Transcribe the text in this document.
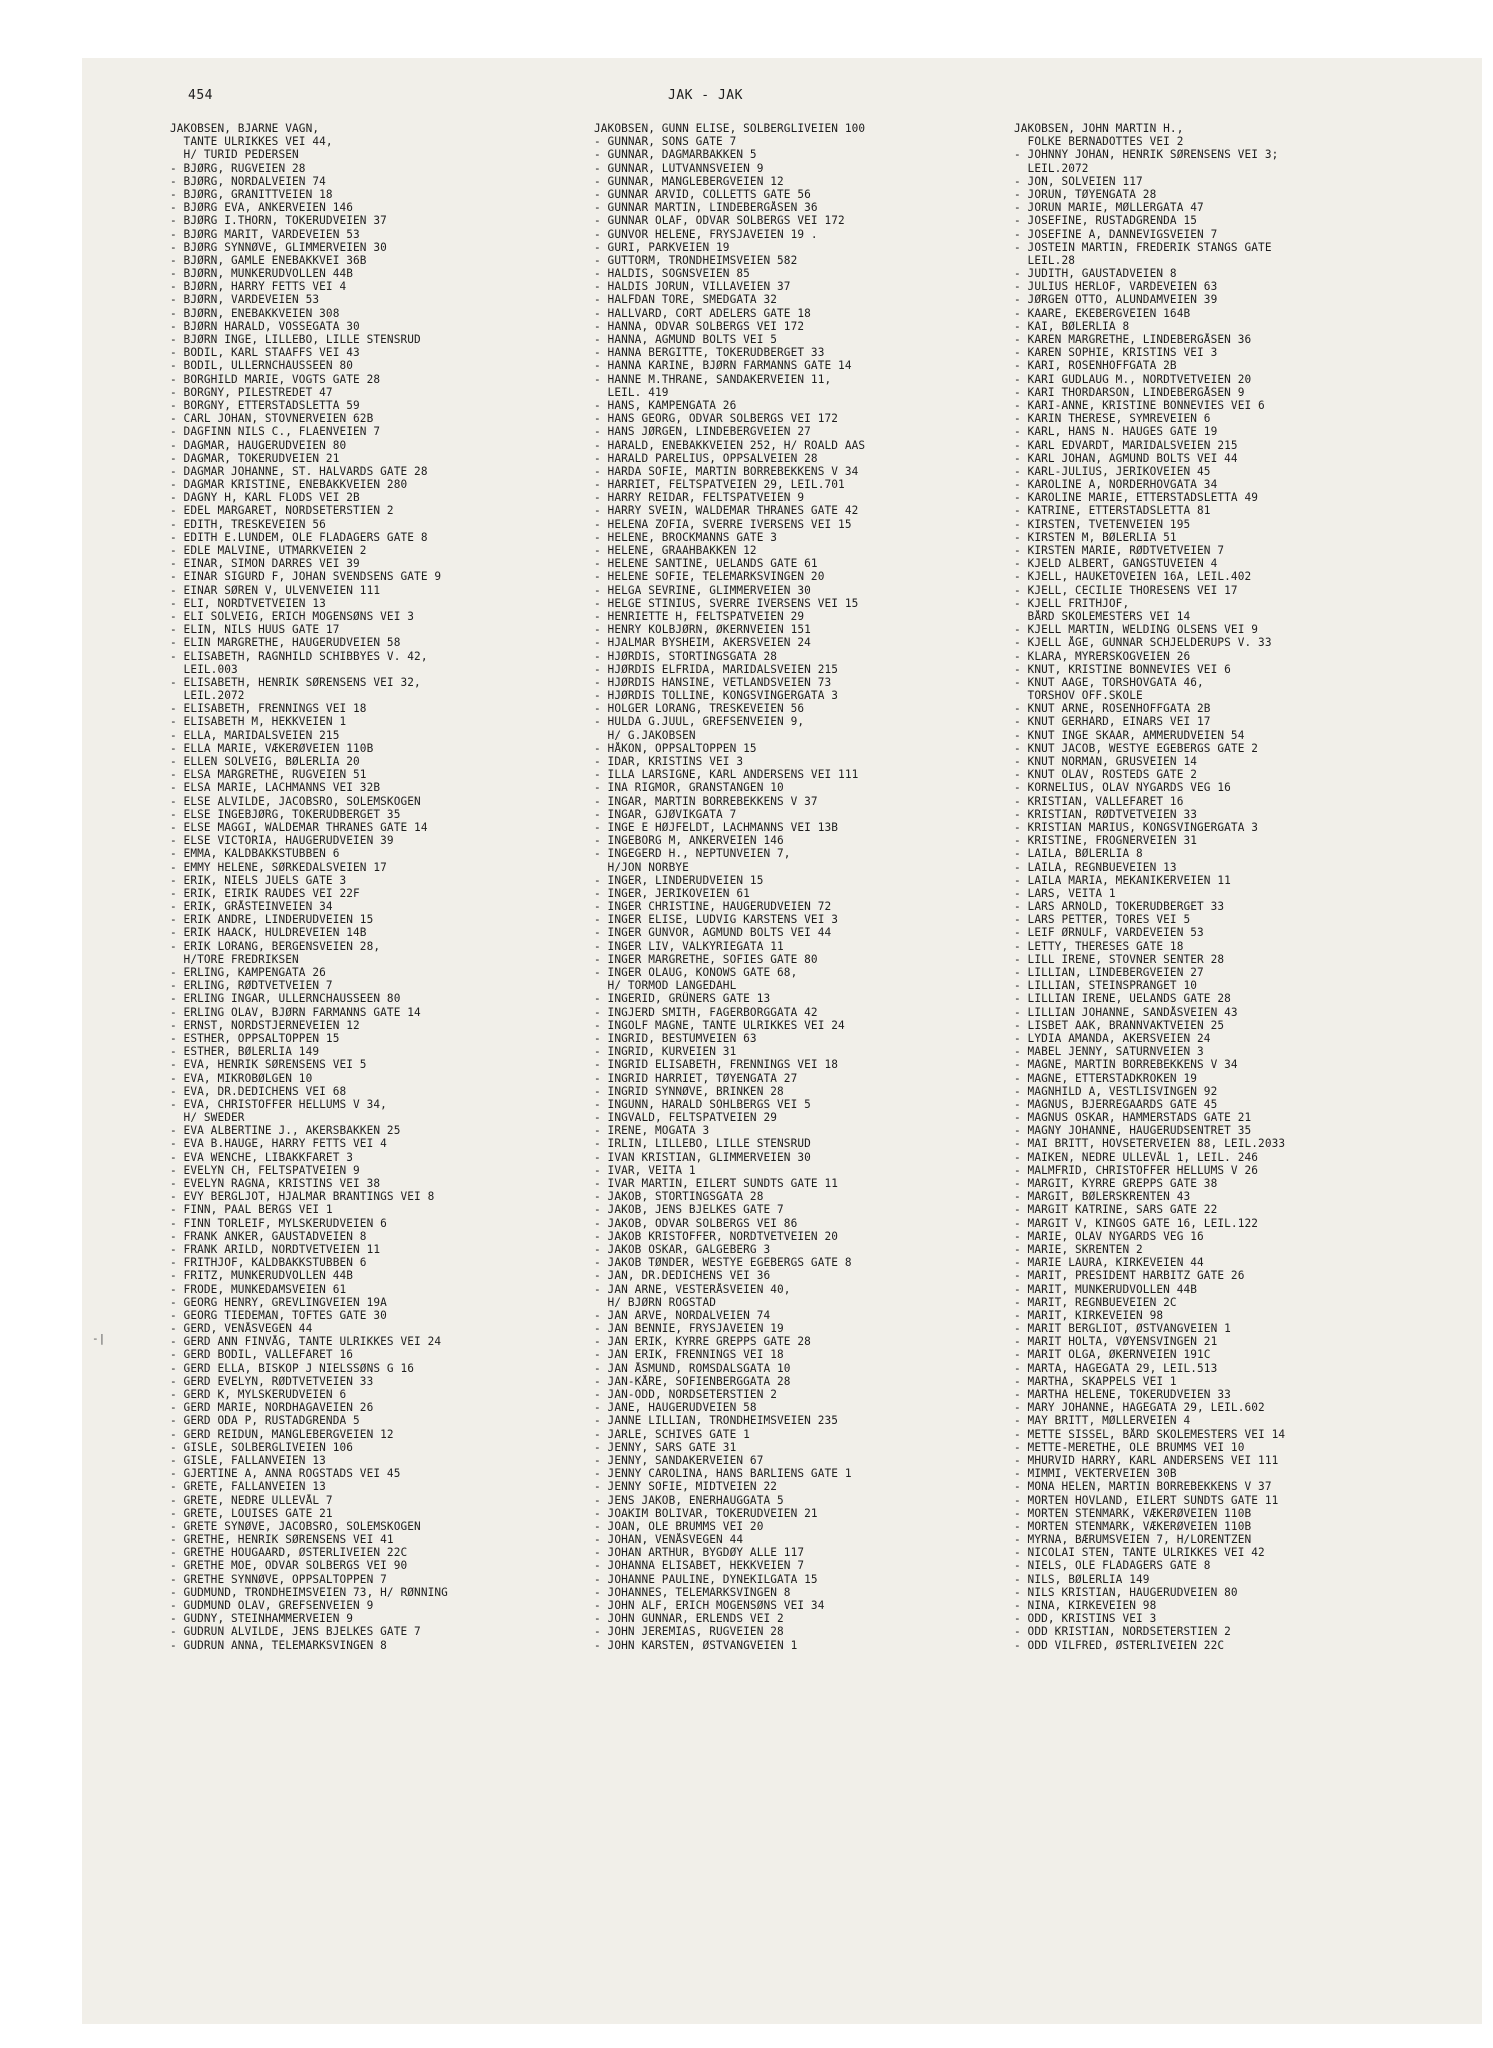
454	JAK - JAK
JAKOBSEN, BJARNE VAGN,
TANTE ULRIKKES VEI 44,
H/ TURID PEDERSEN
- BJØRG, RUGVEIEN 28
- BJØRG, NORDALVEIEN 74
- BJØRG, GRANITTVEIEN 18
- BJØRG EVA, ANKERVEIEN 146
- BJØRG I.THORN, TOKERUDVEIEN 37
- BJØRG MARIT, VARDEVEIEN 53
- BJØRG SYNNØVE, GLIMMERVEIEN 30
- BJØRN, GAMLE ENEBAKKVEI 36B
- BJØRN, MUNKERUDVOLLEN 44B
- BJØRN, HARRY FETTS VEI 4
- BJØRN, VARDEVEIEN 53
- BJØRN, ENEBAKKVEIEN 308
- BJØRN HARALD, VOSSEGATA 30
- BJØRN INGE, LILLEBO, LILLE STENSRUD
- BODIL, KARL STAAFFS VEI 43
- BODIL, ULLERNCHAUSSEEN 80
- BORGHILD MARIE, VOGTS GATE 28
- BORGNY, PILESTREDET 47
- BORGNY, ETTERSTADSLETTA 59
- CARL JOHAN, STOVNERVEIEN 62B
- DAGFINN NILS C., FLAENVEIEN 7
- DAGMAR, HAUGERUDVEIEN 80
- DAGMAR, TOKERUDVEIEN 21
- DAGMAR JOHANNE, ST. HALVARDS GATE 28
- DAGMAR KRISTINE, ENEBAKKVEIEN 280
- DAGNY H, KARL FLODS VEI 2B
- EDEL MARGARET, NORDSETERSTIEN 2
- EDITH, TRESKEVEIEN 56
- EDITH E.LUNDEM, OLE FLADAGERS GATE 8
- EDLE MALVINE, UTMARKVEIEN 2
- EINAR, SIMON DARRES VEI 39
- EINAR SIGURD F, JOHAN SVENDSENS GATE 9
- EINAR SØREN V, ULVENVEIEN 111
- ELI, NORDTVETVEIEN 13
- ELI SOLVEIG, ERICH MOGENSØNS VEI 3
- ELIN, NILS HUUS GATE 17
- ELIN MARGRETHE, HAUGERUDVEIEN 58
- ELISABETH, RAGNHILD SCHIBBYES V. 42,
LEIL.003
- ELISABETH, HENRIK SØRENSENS VEI 32,
LEIL.2072
- ELISABETH, FRENNINGS VEI 18
- ELISABETH M, HEKKVEIEN 1
- ELLA, MARIDALSVEIEN 215
- ELLA MARIE, VÆKERØVEIEN 110B
- ELLEN SOLVEIG, BØLERLIA 20
- ELSA MARGRETHE, RUGVEIEN 51
- ELSA MARIE, LACHMANNS VEI 32B
- ELSE ALVILDE, JACOBSRO, SOLEMSKOGEN
- ELSE INGEBJØRG, TOKERUDBERGET 35
- ELSE MAGGI, WALDEMAR THRANES GATE 14
- ELSE VICTORIA, HAUGERUDVEIEN 39
- EMMA, KALDBAKKSTUBBEN 6
- EMMY HELENE, SØRKEDALSVEIEN 17
- ERIK, NIELS JUELS GATE 3
- ERIK, EIRIK RAUDES VEI 22F
- ERIK, GRÅSTEINVEIEN 34
- ERIK ANDRE, LINDERUDVEIEN 15
- ERIK HAACK, HULDREVEIEN 14B
- ERIK LORANG, BERGENSVEIEN 28,
H/TORE FREDRIKSEN
- ERLING, KAMPENGATA 26
- ERLING, RØDTVETVEIEN 7
- ERLING INGAR, ULLERNCHAUSSEEN 80
- ERLING OLAV, BJØRN FARMANNS GATE 14
- ERNST, NORDSTJERNEVEIEN 12
- ESTHER, OPPSALTOPPEN 15
- ESTHER, BØLERLIA 149
- EVA, HENRIK SØRENSENS VEI 5
- EVA, MIKROBØLGEN 10
- EVA, DR.DEDICHENS VEI 68
- EVA, CHRISTOFFER HELLUMS V 34,
H/ SWEDER
- EVA ALBERTINE J., AKERSBAKKEN 25
- EVA B.HAUGE, HARRY FETTS VEI 4
- EVA WENCHE, LIBAKKFARET 3
- EVELYN CH, FELTSPATVEIEN 9
- EVELYN RAGNA, KRISTINS VEI 38
- EVY BERGLJOT, HJALMAR BRANTINGS VEI 8
- FINN, PAAL BERGS VEI 1
- FINN TORLEIF, MYLSKERUDVEIEN 6
- FRANK ANKER, GAUSTADVEIEN 8
- FRANK ARILD, NORDTVETVEIEN 11
- FRITHJOF, KALDBAKKSTUBBEN 6
- FRITZ, MUNKERUDVOLLEN 44B
- FRODE, MUNKEDAMSVEIEN 61
- GEORG HENRY, GREVLINGVEIEN 19A
- GEORG TIEDEMAN, TOFTES GATE 30
- GERD, VENÅSVEGEN 44
- GERD ANN FINVÅG, TANTE ULRIKKES VEI 24
- GERD BODIL, VALLEFARET 16
- GERD ELLA, BISKOP J NIELSSØNS G 16
- GERD EVELYN, RØDTVETVEIEN 33
- GERD K, MYLSKERUDVEIEN 6
- GERD MARIE, NORDHAGAVEIEN 26
- GERD ODA P, RUSTADGRENDA 5
- GERD REIDUN, MANGLEBERGVEIEN 12
- GISLE, SOLBERGLIVEIEN 106
- GISLE, FALLANVEIEN 13
- GJERTINE A, ANNA ROGSTADS VEI 45
- GRETE, FALLANVEIEN 13
- GRETE, NEDRE ULLEVÅL 7
- GRETE, LOUISES GATE 21
- GRETE SYNØVE, JACOBSRO, SOLEMSKOGEN
- GRETHE, HENRIK SØRENSENS VEI 41
- GRETHE HOUGAARD, ØSTERLIVEIEN 22C
- GRETHE MOE, ODVAR SOLBERGS VEI 90
- GRETHE SYNNØVE, OPPSALTOPPEN 7
- GUDMUND, TRONDHEIMSVEIEN 73, H/ RØNNING
- GUDMUND OLAV, GREFSENVEIEN 9
- GUDNY, STEINHAMMERVEIEN 9
- GUDRUN ALVILDE, JENS BJELKES GATE 7
- GUDRUN ANNA, TELEMARKSVINGEN 8
JAKOBSEN, GUNN ELISE, SOLBERGLIVEIEN 100
- GUNNAR, SONS GATE 7
- GUNNAR, DAGMARBAKKEN 5
- GUNNAR, LUTVANNSVEIEN 9
- GUNNAR, MANGLEBERGVEIEN 12
- GUNNAR ARVID, COLLETTS GATE 56
- GUNNAR MARTIN, LINDEBERGÅSEN 36
- GUNNAR OLAF, ODVAR SOLBERGS VEI 172
- GUNVOR HELENE, FRYSJAVEIEN 19 .
- GURI, PARKVEIEN 19
- GUTTORM, TRONDHEIMSVEIEN 582
- HALDIS, SOGNSVEIEN 85
- HALDIS JORUN, VILLAVEIEN 37
- HALFDAN TORE, SMEDGATA 32
- HALLVARD, CORT ADELERS GATE 18
- HANNA, ODVAR SOLBERGS VEI 172
- HANNA, AGMUND BOLTS VEI 5
- HANNA BERGITTE, TOKERUDBERGET 33
- HANNA KARINE, BJØRN FARMANNS GATE 14
- HANNE M.THRANE, SANDAKERVEIEN 11,
LEIL. 419
- HANS, KAMPENGATA 26
- HANS GEORG, ODVAR SOLBERGS VEI 172
- HANS JØRGEN, LINDEBERGVEIEN 27
- HARALD, ENEBAKKVEIEN 252, H/ ROALD AAS
- HARALD PARELIUS, OPPSALVEIEN 28
- HARDA SOFIE, MARTIN BORREBEKKENS V 34
- HARRIET, FELTSPATVEIEN 29, LEIL.701
- HARRY REIDAR, FELTSPATVEIEN 9
- HARRY SVEIN, WALDEMAR THRANES GATE 42
- HELENA ZOFIA, SVERRE IVERSENS VEI 15
- HELENE, BROCKMANNS GATE 3
- HELENE, GRAAHBAKKEN 12
- HELENE SANTINE, UELANDS GATE 61
- HELENE SOFIE, TELEMARKSVINGEN 20
- HELGA SEVRINE, GLIMMERVEIEN 30
- HELGE STINIUS, SVERRE IVERSENS VEI 15
- HENRIETTE H, FELTSPATVEIEN 29
- HENRY KOLBJØRN, ØKERNVEIEN 151
- HJALMAR BYSHEIM, AKERSVEIEN 24
- HJØRDIS, STORTINGSGATA 28
- HJØRDIS ELFRIDA, MARIDALSVEIEN 215
- HJØRDIS HANSINE, VETLANDSVEIEN 73
- HJØRDIS TOLLINE, KONGSVINGERGATA 3
- HOLGER LORANG, TRESKEVEIEN 56
- HULDA G.JUUL, GREFSENVEIEN 9,
H/ G.JAKOBSEN
- HÅKON, OPPSALTOPPEN 15
- IDAR, KRISTINS VEI 3
- ILLA LARSIGNE, KARL ANDERSENS VEI 111
- INA RIGMOR, GRANSTANGEN 10
- INGAR, MARTIN BORREBEKKENS V 37
- INGAR, GJØVIKGATA 7
- INGE E HØJFELDT, LACHMANNS VEI 13B
- INGEBORG M, ANKERVEIEN 146
- INGEGERD H., NEPTUNVEIEN 7,
H/JON NORBYE
- INGER, LINDERUDVEIEN 15
- INGER, JERIKOVEIEN 61
- INGER CHRISTINE, HAUGERUDVEIEN 72
- INGER ELISE, LUDVIG KARSTENS VEI 3
- INGER GUNVOR, AGMUND BOLTS VEI 44
- INGER LIV, VALKYRIEGATA 11
- INGER MARGRETHE, SOFIES GATE 80
- INGER OLAUG, KONOWS GATE 68,
H/ TORMOD LANGEDAHL
- INGERID, GRÜNERS GATE 13
- INGJERD SMITH, FAGERBORGGATA 42
- INGOLF MAGNE, TANTE ULRIKKES VEI 24
- INGRID, BESTUMVEIEN 63
- INGRID, KURVEIEN 31
- INGRID ELISABETH, FRENNINGS VEI 18
- INGRID HARRIET, TØYENGATA 27
- INGRID SYNNØVE, BRINKEN 28
- INGUNN, HARALD SOHLBERGS VEI 5
- INGVALD, FELTSPATVEIEN 29
- IRENE, MOGATA 3
- IRLIN, LILLEBO, LILLE STENSRUD
- IVAN KRISTIAN, GLIMMERVEIEN 30
- IVAR, VEITA 1
- IVAR MARTIN, EILERT SUNDTS GATE 11
- JAKOB, STORTINGSGATA 28
- JAKOB, JENS BJELKES GATE 7
- JAKOB, ODVAR SOLBERGS VEI 86
- JAKOB KRISTOFFER, NORDTVETVEIEN 20
- JAKOB OSKAR, GALGEBERG 3
- JAKOB TØNDER, WESTYE EGEBERGS GATE 8
- JAN, DR.DEDICHENS VEI 36
- JAN ARNE, VESTERÅSVEIEN 40,
H/ BJØRN ROGSTAD
- JAN ARVE, NORDALVEIEN 74
- JAN BENNIE, FRYSJAVEIEN 19
- JAN ERIK, KYRRE GREPPS GATE 28
- JAN ERIK, FRENNINGS VEI 18
- JAN ÅSMUND, ROMSDALSGATA 10
- JAN-KÅRE, SOFIENBERGGATA 28
- JAN-ODD, NORDSETERSTIEN 2
- JANE, HAUGERUDVEIEN 58
- JANNE LILLIAN, TRONDHEIMSVEIEN 235
- JARLE, SCHIVES GATE 1
- JENNY, SARS GATE 31
- JENNY, SANDAKERVEIEN 67
- JENNY CAROLINA, HANS BARLIENS GATE 1
- JENNY SOFIE, MIDTVEIEN 22
- JENS JAKOB, ENERHAUGGATA 5
- JOAKIM BOLIVAR, TOKERUDVEIEN 21
- JOAN, OLE BRUMMS VEI 20
- JOHAN, VENÅSVEGEN 44
- JOHAN ARTHUR, BYGDØY ALLE 117
- JOHANNA ELISABET, HEKKVEIEN 7
- JOHANNE PAULINE, DYNEKILGATA 15
- JOHANNES, TELEMARKSVINGEN 8
- JOHN ALF, ERICH MOGENSØNS VEI 34
- JOHN GUNNAR, ERLENDS VEI 2
- JOHN JEREMIAS, RUGVEIEN 28
- JOHN KARSTEN, ØSTVANGVEIEN 1
JAKOBSEN, JOHN MARTIN H.,
FOLKE BERNADOTTES VEI 2
- JOHNNY JOHAN, HENRIK SØRENSENS VEI 3;
LEIL.2072
- JON, SOLVEIEN 117
- JORUN, TØYENGATA 28
- JORUN MARIE, MØLLERGATA 47
- JOSEFINE, RUSTADGRENDA 15
- JOSEFINE A, DANNEVIGSVEIEN 7
- JOSTEIN MARTIN, FREDERIK STANGS GATE
LEIL.28
- JUDITH, GAUSTADVEIEN 8
- JULIUS HERLOF, VARDEVEIEN 63
- JØRGEN OTTO, ALUNDAMVEIEN 39
- KAARE, EKEBERGVEIEN 164B
- KAI, BØLERLIA 8
- KAREN MARGRETHE, LINDEBERGÅSEN 36
- KAREN SOPHIE, KRISTINS VEI 3
- KARI, ROSENHOFFGATA 2B
- KARI GUDLAUG M., NORDTVETVEIEN 20
- KARI THORDARSON, LINDEBERGÅSEN 9
- KARI-ANNE, KRISTINE BONNEVIES VEI 6
- KARIN THERESE, SYMREVEIEN 6
- KARL, HANS N. HAUGES GATE 19
- KARL EDVARDT, MARIDALSVEIEN 215
- KARL JOHAN, AGMUND BOLTS VEI 44
- KARL-JULIUS, JERIKOVEIEN 45
- KAROLINE A, NORDERHOVGATA 34
- KAROLINE MARIE, ETTERSTADSLETTA 49
- KATRINE, ETTERSTADSLETTA 81
- KIRSTEN, TVETENVEIEN 195
- KIRSTEN M, BØLERLIA 51
- KIRSTEN MARIE, RØDTVETVEIEN 7
- KJELD ALBERT, GANGSTUVEIEN 4
- KJELL, HAUKETOVEIEN 16A, LEIL.402
- KJELL, CECILIE THORESENS VEI 17
- KJELL FRITHJOF,
BÅRD SKOLEMESTERS VEI 14
- KJELL MARTIN, WELDING OLSENS VEI 9
- KJELL ÅGE, GUNNAR SCHJELDERUPS V. 33
- KLARA, MYRERSKOGVEIEN 26
- KNUT, KRISTINE BONNEVIES VEI 6
- KNUT AAGE, TORSHOVGATA 46,
TORSHOV OFF.SKOLE
- KNUT ARNE, ROSENHOFFGATA 2B
- KNUT GERHARD, EINARS VEI 17
- KNUT INGE SKAAR, AMMERUDVEIEN 54
- KNUT JACOB, WESTYE EGEBERGS GATE 2
- KNUT NORMAN, GRUSVEIEN 14
- KNUT OLAV, ROSTEDS GATE 2
- KORNELIUS, OLAV NYGARDS VEG 16
- KRISTIAN, VALLEFARET 16
- KRISTIAN, RØDTVETVEIEN 33
- KRISTIAN MARIUS, KONGSVINGERGATA 3
- KRISTINE, FROGNERVEIEN 31
- LAILA, BØLERLIA 8
- LAILA, REGNBUEVEIEN 13
- LAILA MARIA, MEKANIKERVEIEN 11
- LARS, VEITA 1
- LARS ARNOLD, TOKERUDBERGET 33
- LARS PETTER, TORES VEI 5
- LEIF ØRNULF, VARDEVEIEN 53
- LETTY, THERESES GATE 18
- LILL IRENE, STOVNER SENTER 28
- LILLIAN, LINDEBERGVEIEN 27
- LILLIAN, STEINSPRANGET 10
- LILLIAN IRENE, UELANDS GATE 28
- LILLIAN JOHANNE, SANDÅSVEIEN 43
- LISBET AAK, BRANNVAKTVEIEN 25
- LYDIA AMANDA, AKERSVEIEN 24
- MABEL JENNY, SATURNVEIEN 3
- MAGNE, MARTIN BORREBEKKENS V 34
- MAGNE, ETTERSTADKROKEN 19
- MAGNHILD A, VESTLISVINGEN 92
- MAGNUS, BJERREGAARDS GATE 45
- MAGNUS OSKAR, HAMMERSTADS GATE 21
- MAGNY JOHANNE, HAUGERUDSENTRET 35
- MAI BRITT, HOVSETERVEIEN 88, LEIL.2033
- MAIKEN, NEDRE ULLEVÅL 1, LEIL. 246
- MALMFRID, CHRISTOFFER HELLUMS V 26
- MARGIT, KYRRE GREPPS GATE 38
- MARGIT, BØLERSKRENTEN 43
- MARGIT KATRINE, SARS GATE 22
- MARGIT V, KINGOS GATE 16, LEIL.122
- MARIE, OLAV NYGARDS VEG 16
- MARIE, SKRENTEN 2
- MARIE LAURA, KIRKEVEIEN 44
- MARIT, PRESIDENT HARBITZ GATE 26
- MARIT, MUNKERUDVOLLEN 44B
- MARIT, REGNBUEVEIEN 2C
- MARIT, KIRKEVEIEN 98
- MARIT BERGLIOT, ØSTVANGVEIEN 1
- MARIT HOLTA, VØYENSVINGEN 21
- MARIT OLGA, ØKERNVEIEN 191C
- MARTA, HAGEGATA 29, LEIL.513
- MARTHA, SKAPPELS VEI 1
- MARTHA HELENE, TOKERUDVEIEN 33
- MARY JOHANNE, HAGEGATA 29, LEIL.602
- MAY BRITT, MØLLERVEIEN 4
- METTE SISSEL, BÅRD SKOLEMESTERS VEI 14
- METTE-MERETHE, OLE BRUMMS VEI 10
- MHURVID HARRY, KARL ANDERSENS VEI 111
- MIMMI, VEKTERVEIEN 30B
- MONA HELEN, MARTIN BORREBEKKENS V 37
- MORTEN HOVLAND, EILERT SUNDTS GATE 11
- MORTEN STENMARK, VÆKERØVEIEN 110B
- MORTEN STENMARK, VÆKERØVEIEN 110B
- MYRNA, BÆRUMSVEIEN 7, H/LORENTZEN
- NICOLAI STEN, TANTE ULRIKKES VEI 42
- NIELS, OLE FLADAGERS GATE 8
- NILS, BØLERLIA 149
- NILS KRISTIAN, HAUGERUDVEIEN 80
- NINA, KIRKEVEIEN 98
- ODD, KRISTINS VEI 3
- ODD KRISTIAN, NORDSETERSTIEN 2
- ODD VILFRED, ØSTERLIVEIEN 22C
-|
